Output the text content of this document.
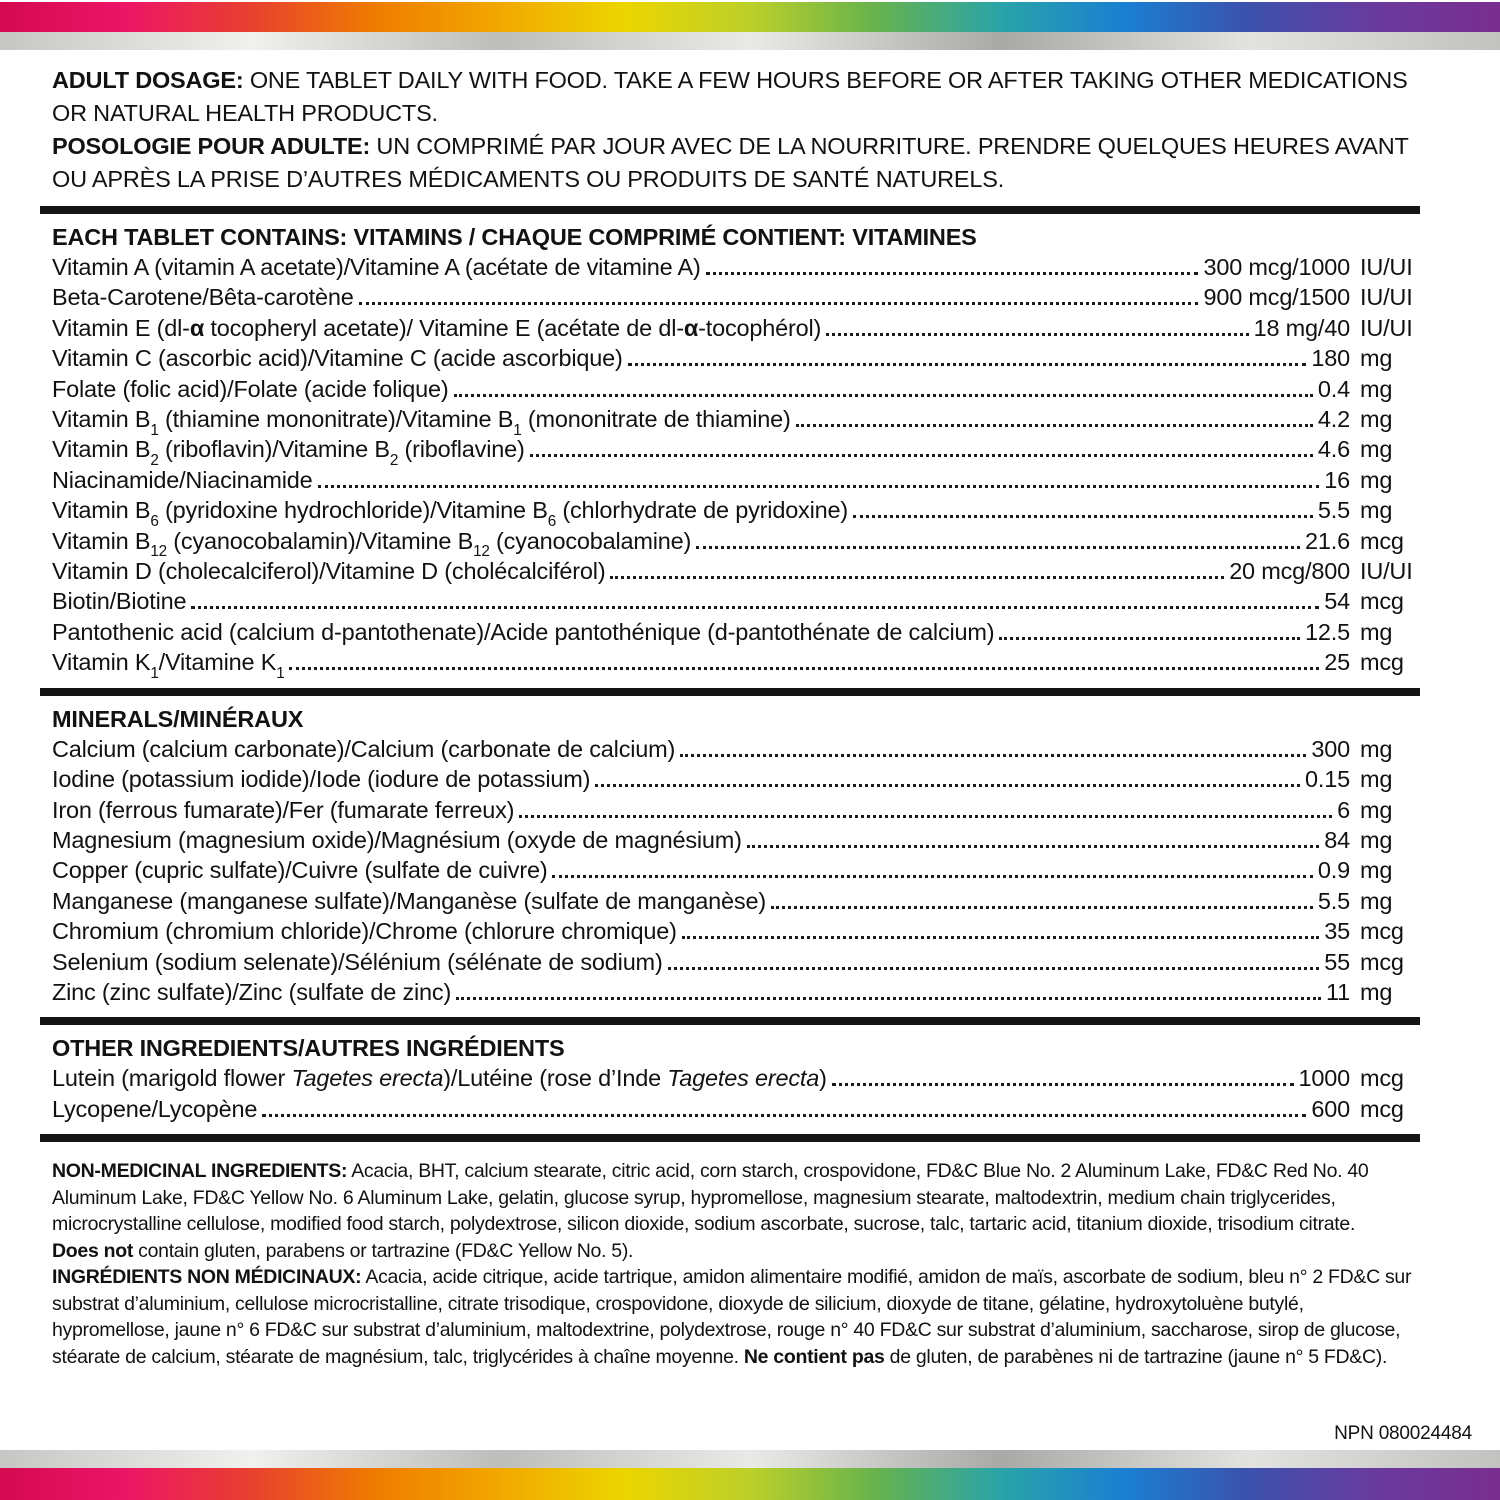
ADULT DOSAGE: ONE TABLET DAILY WITH FOOD. TAKE A FEW HOURS BEFORE OR AFTER TAKING OTHER MEDICATIONS OR NATURAL HEALTH PRODUCTS.
POSOLOGIE POUR ADULTE: UN COMPRIMÉ PAR JOUR AVEC DE LA NOURRITURE. PRENDRE QUELQUES HEURES AVANT OU APRÈS LA PRISE D’AUTRES MÉDICAMENTS OU PRODUITS DE SANTÉ NATURELS.
EACH TABLET CONTAINS: VITAMINS / CHAQUE COMPRIMÉ CONTIENT: VITAMINES
Vitamin A (vitamin A acetate)/Vitamine A (acétate de vitamine A)	300 mcg/1000 IU/UI
Beta-Carotene/Bêta-carotène	900 mcg/1500 IU/UI
Vitamin E (dl-α tocopheryl acetate)/ Vitamine E (acétate de dl-α-tocophérol)	18 mg/40 IU/UI
Vitamin C (ascorbic acid)/Vitamine C (acide ascorbique)	180 mg
Folate (folic acid)/Folate (acide folique)	0.4 mg
Vitamin $B_1$ (thiamine mononitrate)/Vitamine $B_1$ (mononitrate de thiamine)	4.2 mg
Vitamin $B_2$ (riboflavin)/Vitamine $B_2$ (riboflavine)	4.6 mg
Niacinamide/Niacinamide	16 mg
Vitamin $B_6$ (pyridoxine hydrochloride)/Vitamine $B_6$ (chlorhydrate de pyridoxine)	5.5 mg
Vitamin $B_{12}$ (cyanocobalamin)/Vitamine $B_{12}$ (cyanocobalamine)	21.6 mcg
Vitamin D (cholecalciferol)/Vitamine D (cholécalciférol)	20 mcg/800 IU/UI
Biotin/Biotine	54 mcg
Pantothenic acid (calcium d-pantothenate)/Acide pantothénique (d-pantothénate de calcium)	12.5 mg
Vitamin $K_1$/Vitamine $K_1$	25 mcg
MINERALS/MINÉRAUX
Calcium (calcium carbonate)/Calcium (carbonate de calcium)	300 mg
Iodine (potassium iodide)/Iode (iodure de potassium)	0.15 mg
Iron (ferrous fumarate)/Fer (fumarate ferreux)	6 mg
Magnesium (magnesium oxide)/Magnésium (oxyde de magnésium)	84 mg
Copper (cupric sulfate)/Cuivre (sulfate de cuivre)	0.9 mg
Manganese (manganese sulfate)/Manganèse (sulfate de manganèse)	5.5 mg
Chromium (chromium chloride)/Chrome (chlorure chromique)	35 mcg
Selenium (sodium selenate)/Sélénium (sélénate de sodium)	55 mcg
Zinc (zinc sulfate)/Zinc (sulfate de zinc)	11 mg
OTHER INGREDIENTS/AUTRES INGRÉDIENTS
Lutein (marigold flower Tagetes erecta)/Lutéine (rose d’Inde Tagetes erecta)	1000 mcg
Lycopene/Lycopène	600 mcg
NON-MEDICINAL INGREDIENTS: Acacia, BHT, calcium stearate, citric acid, corn starch, crospovidone, FD&C Blue No. 2 Aluminum Lake, FD&C Red No. 40 Aluminum Lake, FD&C Yellow No. 6 Aluminum Lake, gelatin, glucose syrup, hypromellose, magnesium stearate, maltodextrin, medium chain triglycerides, microcrystalline cellulose, modified food starch, polydextrose, silicon dioxide, sodium ascorbate, sucrose, talc, tartaric acid, titanium dioxide, trisodium citrate.
Does not contain gluten, parabens or tartrazine (FD&C Yellow No. 5).
INGRÉDIENTS NON MÉDICINAUX: Acacia, acide citrique, acide tartrique, amidon alimentaire modifié, amidon de maïs, ascorbate de sodium, bleu n° 2 FD&C sur substrat d’aluminium, cellulose microcristalline, citrate trisodique, crospovidone, dioxyde de silicium, dioxyde de titane, gélatine, hydroxytoluène butylé, hypromellose, jaune n° 6 FD&C sur substrat d’aluminium, maltodextrine, polydextrose, rouge n° 40 FD&C sur substrat d’aluminium, saccharose, sirop de glucose, stéarate de calcium, stéarate de magnésium, talc, triglycérides à chaîne moyenne. Ne contient pas de gluten, de parabènes ni de tartrazine (jaune n° 5 FD&C).
NPN 080024484
